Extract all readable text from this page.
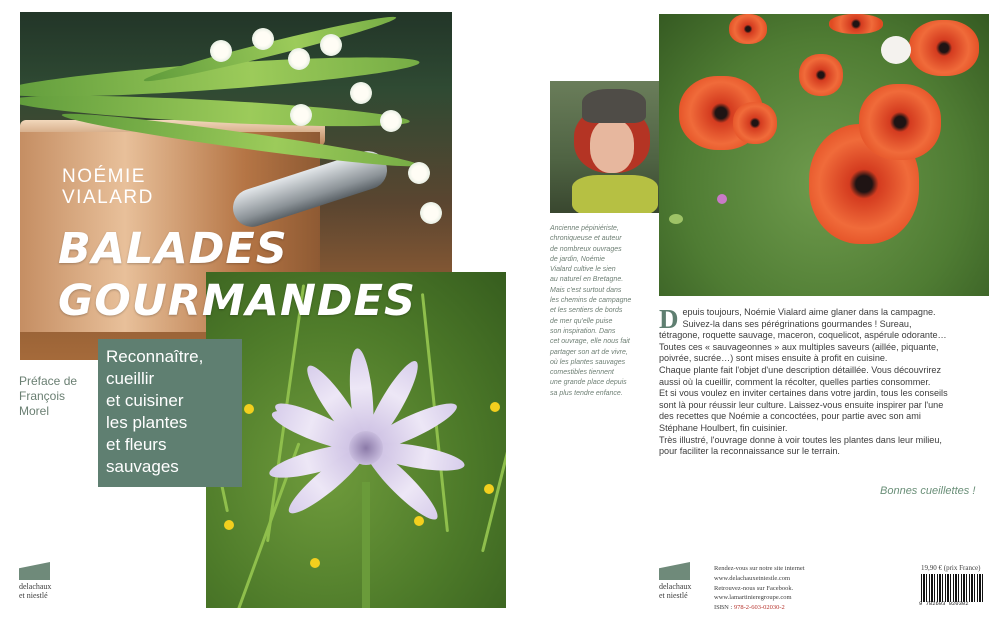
NOÉMIE
VIALARD

BALADES
GOURMANDES

Reconnaître,
cueillir
et cuisiner
les plantes
et fleurs
sauvages

Préface de
François
Morel

delachaux
et niestlé

Ancienne pépiniériste,
chroniqueuse et auteur
de nombreux ouvrages
de jardin, Noémie
Vialard cultive le sien
au naturel en Bretagne.
Mais c'est surtout dans
les chemins de campagne
et les sentiers de bords
de mer qu'elle puise
son inspiration. Dans
cet ouvrage, elle nous fait
partager son art de vivre,
où les plantes sauvages
comestibles tiennent
une grande place depuis
sa plus tendre enfance.

Depuis toujours, Noémie Vialard aime glaner dans la campagne.
Suivez-la dans ses pérégrinations gourmandes ! Sureau,
tétragone, roquette sauvage, maceron, coquelicot, aspérule odorante…
Toutes ces « sauvageonnes » aux multiples saveurs (aillée, piquante,
poivrée, sucrée…) sont mises ensuite à profit en cuisine.
Chaque plante fait l'objet d'une description détaillée. Vous découvrirez
aussi où la cueillir, comment la récolter, quelles parties consommer.
Et si vous voulez en inviter certaines dans votre jardin, tous les conseils
sont là pour réussir leur culture. Laissez-vous ensuite inspirer par l'une
des recettes que Noémie a concoctées, pour partie avec son ami
Stéphane Houlbert, fin cuisinier.
Très illustré, l'ouvrage donne à voir toutes les plantes dans leur milieu,
pour faciliter la reconnaissance sur le terrain.

Bonnes cueillettes !

delachaux
et niestlé

Rendez-vous sur notre site internet
www.delachauxetniestle.com
Retrouvez-nous sur Facebook.
www.lamartinieregroupe.com
ISBN : 978-2-603-02030-2

19,90 € (prix France)

9 782603 020302
